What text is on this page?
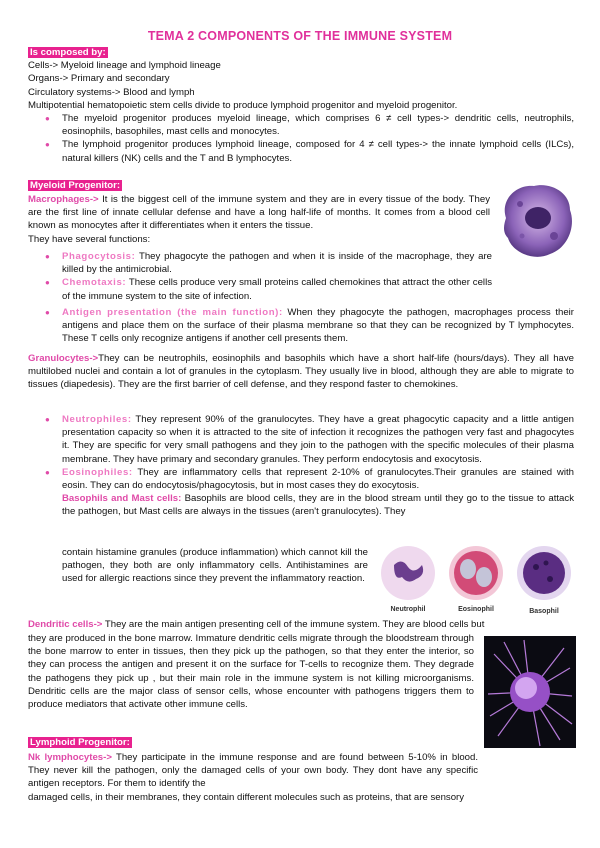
TEMA 2 COMPONENTS OF THE IMMUNE SYSTEM
Is composed by:
Cells-> Myeloid lineage and lymphoid lineage
Organs-> Primary and secondary
Circulatory systems-> Blood and lymph
Multipotential hematopoietic stem cells divide to produce lymphoid progenitor and myeloid progenitor.
● The myeloid progenitor produces myeloid lineage, which comprises 6 ≠ cell types-> dendritic cells, neutrophils, eosinophils, basophiles, mast cells and monocytes.
● The lymphoid progenitor produces lymphoid lineage, composed for 4 ≠ cell types-> the innate lymphoid cells (ILCs), natural killers (NK) cells and the T and B lymphocytes.
Myeloid Progenitor:
Macrophages-> It is the biggest cell of the immune system and they are in every tissue of the body. They are the first line of innate cellular defense and have a long half-life of months. It comes from a blood cell known as monocytes after it differentiates when it enters the tissue.
They have several functions:
● Phagocytosis: They phagocyte the pathogen and when it is inside of the macrophage, they are killed by the antimicrobial.
● Chemotaxis: These cells produce very small proteins called chemokines that attract the other cells of the immune system to the site of infection.
● Antigen presentation (the main function): When they phagocyte the pathogen, macrophages process their antigens and place them on the surface of their plasma membrane so that they can be recognized by T lymphocytes. These T cells only recognize antigens if another cell presents them.
Granulocytes->They can be neutrophils, eosinophils and basophils which have a short half-life (hours/days). They all have multilobed nuclei and contain a lot of granules in the cytoplasm. They usually live in blood, although they are able to migrate to tissues (diapedesis). They are the first barrier of cell defense, and they respond faster to chemokines.
● Neutrophiles: They represent 90% of the granulocytes. They have a great phagocytic capacity and a little antigen presentation capacity so when it is attracted to the site of infection it recognizes the pathogen very fast and phagocytes it. They are specific for very small pathogens and they join to the pathogen with the specific molecules of their plasma membrane. They have primary and secondary granules. They perform endocytosis and exocytosis.
● Eosinophiles: They are inflammatory cells that represent 2-10% of granulocytes.Their granules are stained with eosin. They can do endocytosis/phagocytosis, but in most cases they do exocytosis.
Basophils and Mast cells: Basophils are blood cells, they are in the blood stream until they go to the tissue to attack the pathogen, but Mast cells are always in the tissues (aren't granulocytes). They
contain histamine granules (produce inflammation) which cannot kill the pathogen, they both are only inflammatory cells. Antihistamines are used for allergic reactions since they prevent the inflammatory reaction.
Neutrophil	Eosinophil	Basophil
Dendritic cells-> They are the main antigen presenting cell of the immune system. They are blood cells but
they are produced in the bone marrow. Immature dendritic cells migrate through the bloodstream through the bone marrow to enter in tissues, then they pick up the pathogen, so that they enter the interior, so they can process the antigen and present it on the surface for T-cells to recognize them. They degrade the pathogens they pick up , but their main role in the immune system is not killing microorganisms. Dendritic cells are the major class of sensor cells, whose encounter with pathogens triggers them to produce mediators that activate other immune cells.
Lymphoid Progenitor:
Nk lymphocytes-> They participate in the immune response and are found between 5-10% in blood. They never kill the pathogen, only the damaged cells of your own body. They dont have any specific antigen receptors. For them to identify the
damaged cells, in their membranes, they contain different molecules such as proteins, that are sensory
